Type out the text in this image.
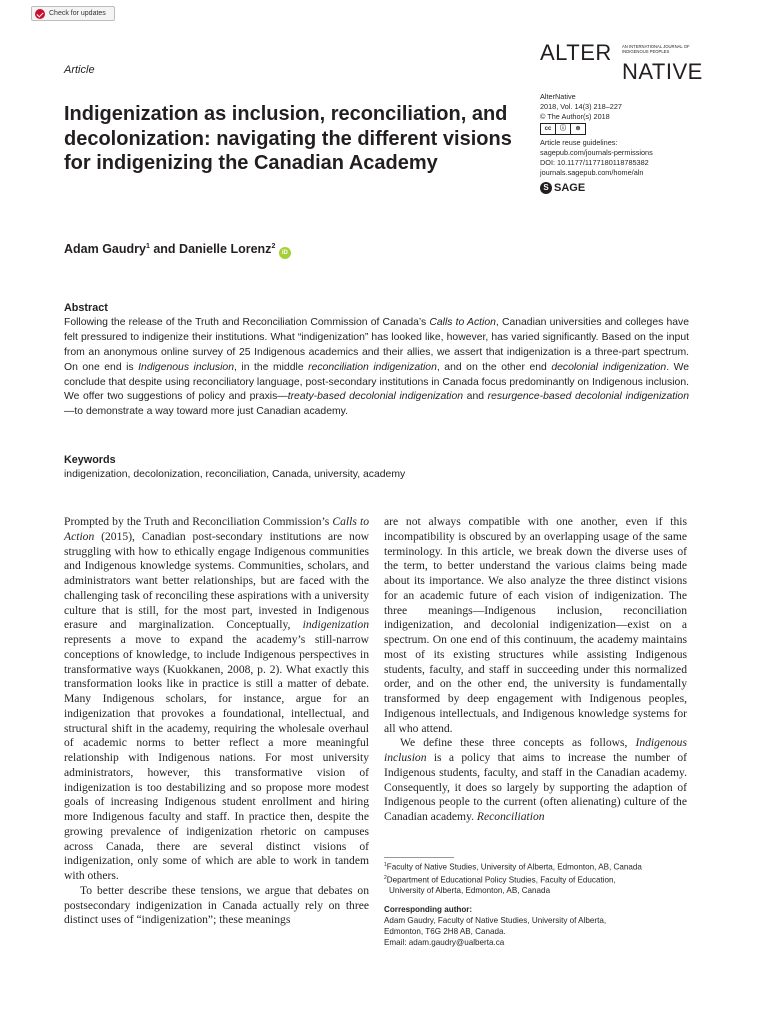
Check for updates
Article
ALTER AN INTERNATIONAL JOURNAL OF INDIGENOUS PEOPLES
NATIVE
Indigenization as inclusion, reconciliation, and decolonization: navigating the different visions for indigenizing the Canadian Academy
AlterNative
2018, Vol. 14(3) 218–227
© The Author(s) 2018
cc	ⓘ	⊜
Article reuse guidelines:
sagepub.com/journals-permissions
DOI: 10.1177/1177180118785382
journals.sagepub.com/home/aln
S SAGE
Adam Gaudry$^1$ and Danielle Lorenz$^2$ iD
Abstract

Following the release of the Truth and Reconciliation Commission of Canada’s Calls to Action, Canadian universities and colleges have felt pressured to indigenize their institutions. What “indigenization” has looked like, however, has varied significantly. Based on the input from an anonymous online survey of 25 Indigenous academics and their allies, we assert that indigenization is a three-part spectrum. On one end is Indigenous inclusion, in the middle reconciliation indigenization, and on the other end decolonial indigenization. We conclude that despite using reconciliatory language, post-secondary institutions in Canada focus predominantly on Indigenous inclusion. We offer two suggestions of policy and praxis—treaty-based decolonial indigenization and resurgence-based decolonial indigenization—to demonstrate a way toward more just Canadian academy.

Keywords

indigenization, decolonization, reconciliation, Canada, university, academy

Prompted by the Truth and Reconciliation Commission’s Calls to Action (2015), Canadian post-secondary institutions are now struggling with how to ethically engage Indigenous communities and Indigenous knowledge systems. Communities, scholars, and administrators want better relationships, but are faced with the challenging task of reconciling these aspirations with a university culture that is still, for the most part, invested in Indigenous erasure and marginalization. Conceptually, indigenization represents a move to expand the academy’s still-narrow conceptions of knowledge, to include Indigenous perspectives in transformative ways (Kuokkanen, 2008, p. 2). What exactly this transformation looks like in practice is still a matter of debate. Many Indigenous scholars, for instance, argue for an indigenization that provokes a foundational, intellectual, and structural shift in the academy, requiring the wholesale overhaul of academic norms to better reflect a more meaningful relationship with Indigenous nations. For most university administrators, however, this transformative vision of indigenization is too destabilizing and so propose more modest goals of increasing Indigenous student enrollment and hiring more Indigenous faculty and staff. In practice then, despite the growing prevalence of indigenization rhetoric on campuses across Canada, there are several distinct visions of indigenization, only some of which are able to work in tandem with others.

To better describe these tensions, we argue that debates on postsecondary indigenization in Canada actually rely on three distinct uses of “indigenization”; these meanings

are not always compatible with one another, even if this incompatibility is obscured by an overlapping usage of the same terminology. In this article, we break down the diverse uses of the term, to better understand the various claims being made about its importance. We also analyze the three distinct visions for an academic future of each vision of indigenization. The three meanings—Indigenous inclusion, reconciliation indigenization, and decolonial indigenization—exist on a spectrum. On one end of this continuum, the academy maintains most of its existing structures while assisting Indigenous students, faculty, and staff in succeeding under this normalized order, and on the other end, the university is fundamentally transformed by deep engagement with Indigenous peoples, Indigenous intellectuals, and Indigenous knowledge systems for all who attend.

We define these three concepts as follows, Indigenous inclusion is a policy that aims to increase the number of Indigenous students, faculty, and staff in the Canadian academy. Consequently, it does so largely by supporting the adaption of Indigenous people to the current (often alienating) culture of the Canadian academy. Reconciliation

$^1$Faculty of Native Studies, University of Alberta, Edmonton, AB, Canada
$^2$Department of Educational Policy Studies, Faculty of Education,
University of Alberta, Edmonton, AB, Canada
Corresponding author:
Adam Gaudry, Faculty of Native Studies, University of Alberta,
Edmonton, T6G 2H8 AB, Canada.
Email: adam.gaudry@ualberta.ca
